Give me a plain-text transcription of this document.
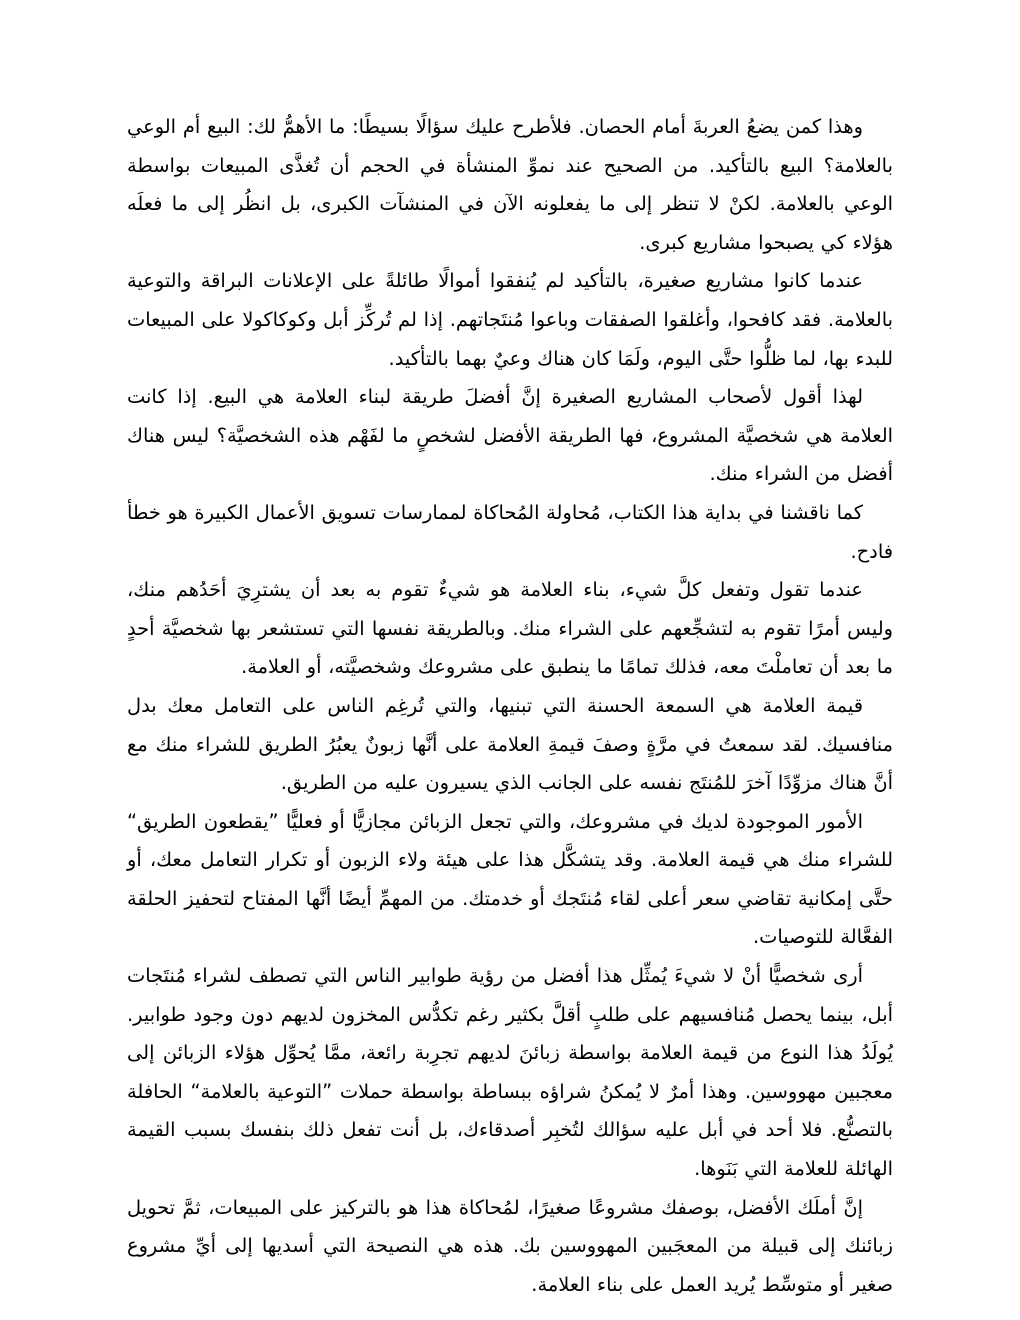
وهذا كمن يضعُ العربةَ أمام الحصان. فلأطرح عليك سؤالًا بسيطًا: ما الأهمُّ لك: البيع أم الوعي بالعلامة؟ البيع بالتأكيد. من الصحيح عند نموِّ المنشأة في الحجم أن تُغذَّى المبيعات بواسطة الوعي بالعلامة. لكنْ لا تنظر إلى ما يفعلونه الآن في المنشآت الكبرى، بل انظُر إلى ما فعلَه هؤلاء كي يصبحوا مشاريع كبرى.

عندما كانوا مشاريع صغيرة، بالتأكيد لم يُنفقوا أموالًا طائلةً على الإعلانات البراقة والتوعية بالعلامة. فقد كافحوا، وأغلقوا الصفقات وباعوا مُنتَجاتهم. إذا لم تُركِّز أبل وكوكاكولا على المبيعات للبدء بها، لما ظلُّوا حتَّى اليوم، ولَمَا كان هناك وعيٌ بهما بالتأكيد.

لهذا أقول لأصحاب المشاريع الصغيرة إنَّ أفضلَ طريقة لبناء العلامة هي البيع. إذا كانت العلامة هي شخصيَّة المشروع، فها الطريقة الأفضل لشخصٍ ما لفَهْم هذه الشخصيَّة؟ ليس هناك أفضل من الشراء منك.

كما ناقشنا في بداية هذا الكتاب، مُحاولة المُحاكاة لممارسات تسويق الأعمال الكبيرة هو خطأ فادح.

عندما تقول وتفعل كلَّ شيء، بناء العلامة هو شيءٌ تقوم به بعد أن يشترِيَ أحَدُهم منك، وليس أمرًا تقوم به لتشجِّعهم على الشراء منك. وبالطريقة نفسها التي تستشعر بها شخصيَّة أحدٍ ما بعد أن تعاملْتَ معه، فذلك تمامًا ما ينطبق على مشروعك وشخصيَّته، أو العلامة.

قيمة العلامة هي السمعة الحسنة التي تبنيها، والتي تُرغِم الناس على التعامل معك بدل منافسيك. لقد سمعتُ في مرَّةٍ وصفَ قيمةِ العلامة على أنَّها زبونٌ يعبُرُ الطريق للشراء منك مع أنَّ هناك مزوِّدًا آخرَ للمُنتَج نفسه على الجانب الذي يسيرون عليه من الطريق.

الأمور الموجودة لديك في مشروعك، والتي تجعل الزبائن مجازيًّا أو فعليًّا ”يقطعون الطريق“ للشراء منك هي قيمة العلامة. وقد يتشكَّل هذا على هيئة ولاء الزبون أو تكرار التعامل معك، أو حتَّى إمكانية تقاضي سعر أعلى لقاء مُنتَجك أو خدمتك. من المهمِّ أيضًا أنَّها المفتاح لتحفيز الحلقة الفعَّالة للتوصيات.

أرى شخصيًّا أنْ لا شيءَ يُمثِّل هذا أفضل من رؤية طوابير الناس التي تصطف لشراء مُنتَجات أبل، بينما يحصل مُنافسيهم على طلبٍ أقلَّ بكثير رغم تكدُّس المخزون لديهم دون وجود طوابير. يُولَدُ هذا النوع من قيمة العلامة بواسطة زبائنَ لديهم تجرِبة رائعة، ممَّا يُحوِّل هؤلاء الزبائن إلى معجبين مهووسين. وهذا أمرٌ لا يُمكنُ شراؤه ببساطة بواسطة حملات ”التوعية بالعلامة“ الحافلة بالتصنُّع. فلا أحد في أبل عليه سؤالك لتُخبِر أصدقاءك، بل أنت تفعل ذلك بنفسك بسبب القيمة الهائلة للعلامة التي بَنَوها.

إنَّ أملَك الأفضل، بوصفك مشروعًا صغيرًا، لمُحاكاة هذا هو بالتركيز على المبيعات، ثمَّ تحويل زبائنك إلى قبيلة من المعجَبين المهووسين بك. هذه هي النصيحة التي أسديها إلى أيِّ مشروع صغير أو متوسِّط يُريد العمل على بناء العلامة.
